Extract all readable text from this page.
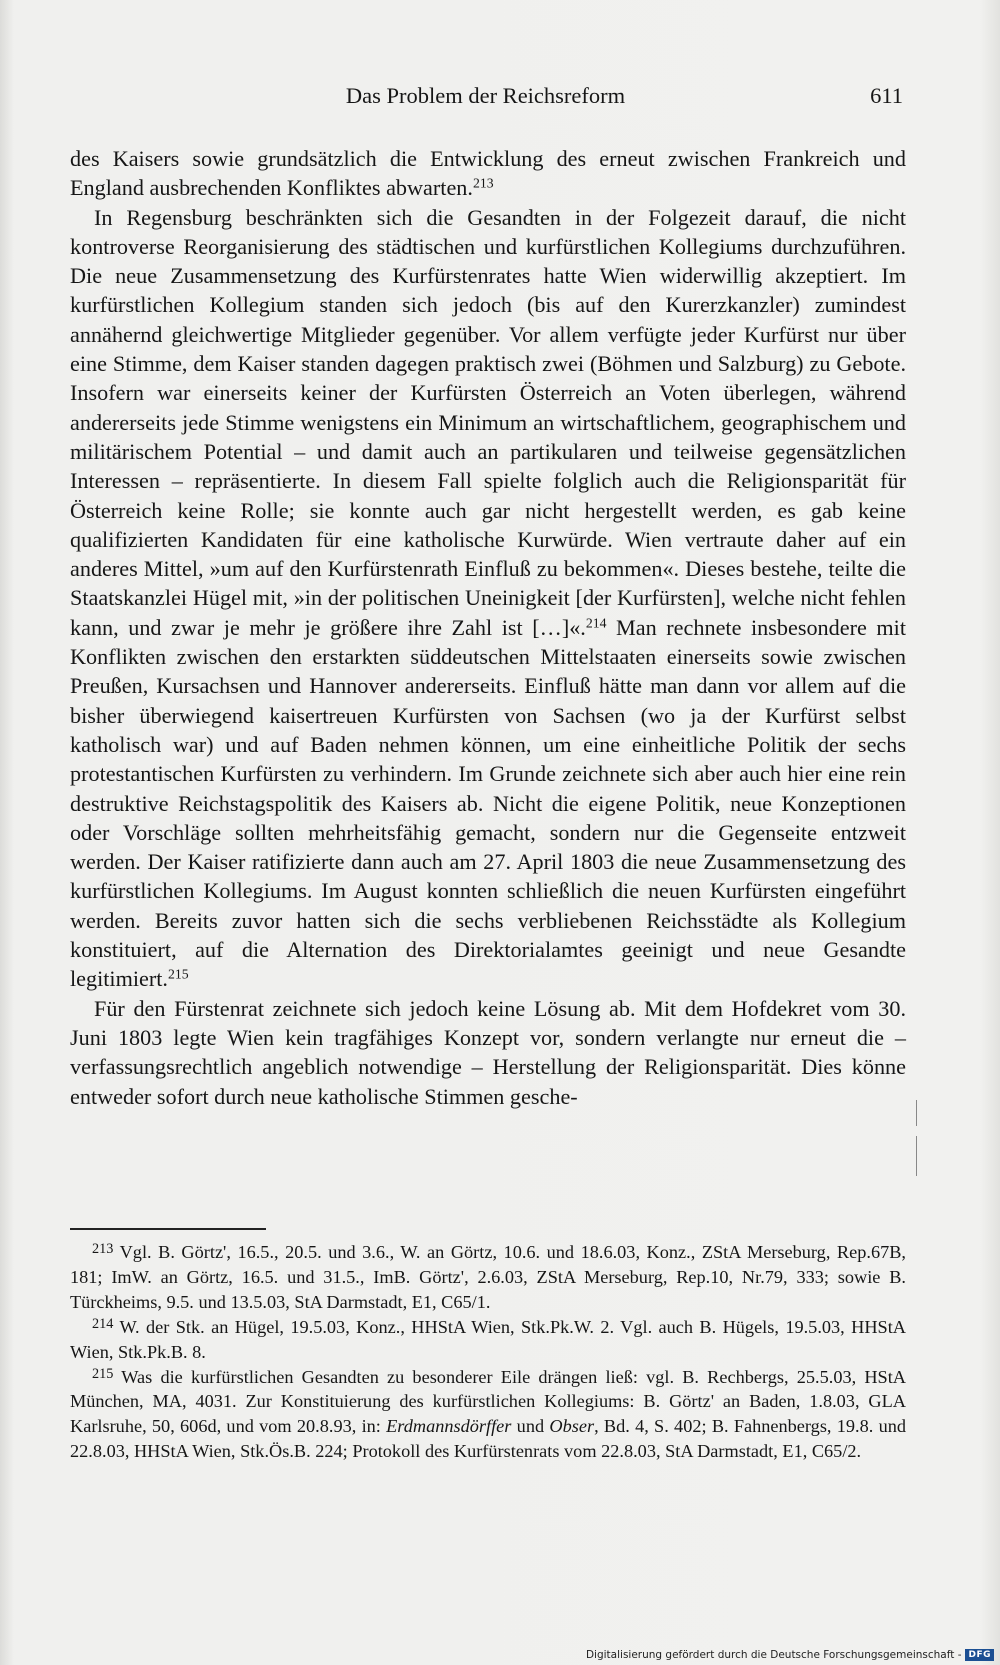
Das Problem der Reichsreform	611

des Kaisers sowie grundsätzlich die Entwicklung des erneut zwischen Frankreich und England ausbrechenden Konfliktes abwarten.$^{213}$

In Regensburg beschränkten sich die Gesandten in der Folgezeit darauf, die nicht kontroverse Reorganisierung des städtischen und kurfürstlichen Kollegiums durchzuführen. Die neue Zusammensetzung des Kurfürstenrates hatte Wien widerwillig akzeptiert. Im kurfürstlichen Kollegium standen sich jedoch (bis auf den Kurerzkanzler) zumindest annähernd gleichwertige Mitglieder gegenüber. Vor allem verfügte jeder Kurfürst nur über eine Stimme, dem Kaiser standen dagegen praktisch zwei (Böhmen und Salzburg) zu Gebote. Insofern war einerseits keiner der Kurfürsten Österreich an Voten überlegen, während andererseits jede Stimme wenigstens ein Minimum an wirtschaftlichem, geographischem und militärischem Potential – und damit auch an partikularen und teilweise gegensätzlichen Interessen – repräsentierte. In diesem Fall spielte folglich auch die Religionsparität für Österreich keine Rolle; sie konnte auch gar nicht hergestellt werden, es gab keine qualifizierten Kandidaten für eine katholische Kurwürde. Wien vertraute daher auf ein anderes Mittel, »um auf den Kurfürstenrath Einfluß zu bekommen«. Dieses bestehe, teilte die Staatskanzlei Hügel mit, »in der politischen Uneinigkeit [der Kurfürsten], welche nicht fehlen kann, und zwar je mehr je größere ihre Zahl ist […]«.$^{214}$ Man rechnete insbesondere mit Konflikten zwischen den erstarkten süddeutschen Mittelstaaten einerseits sowie zwischen Preußen, Kursachsen und Hannover andererseits. Einfluß hätte man dann vor allem auf die bisher überwiegend kaisertreuen Kurfürsten von Sachsen (wo ja der Kurfürst selbst katholisch war) und auf Baden nehmen können, um eine einheitliche Politik der sechs protestantischen Kurfürsten zu verhindern. Im Grunde zeichnete sich aber auch hier eine rein destruktive Reichstagspolitik des Kaisers ab. Nicht die eigene Politik, neue Konzeptionen oder Vorschläge sollten mehrheitsfähig gemacht, sondern nur die Gegenseite entzweit werden. Der Kaiser ratifizierte dann auch am 27. April 1803 die neue Zusammensetzung des kurfürstlichen Kollegiums. Im August konnten schließlich die neuen Kurfürsten eingeführt werden. Bereits zuvor hatten sich die sechs verbliebenen Reichsstädte als Kollegium konstituiert, auf die Alternation des Direktorialamtes geeinigt und neue Gesandte legitimiert.$^{215}$

Für den Fürstenrat zeichnete sich jedoch keine Lösung ab. Mit dem Hofdekret vom 30. Juni 1803 legte Wien kein tragfähiges Konzept vor, sondern verlangte nur erneut die – verfassungsrechtlich angeblich notwendige – Herstellung der Religionsparität. Dies könne entweder sofort durch neue katholische Stimmen gesche-

$^{213}$ Vgl. B. Görtz', 16.5., 20.5. und 3.6., W. an Görtz, 10.6. und 18.6.03, Konz., ZStA Merseburg, Rep.67B, 181; ImW. an Görtz, 16.5. und 31.5., ImB. Görtz', 2.6.03, ZStA Merseburg, Rep.10, Nr.79, 333; sowie B. Türckheims, 9.5. und 13.5.03, StA Darmstadt, E1, C65/1.

$^{214}$ W. der Stk. an Hügel, 19.5.03, Konz., HHStA Wien, Stk.Pk.W. 2. Vgl. auch B. Hügels, 19.5.03, HHStA Wien, Stk.Pk.B. 8.

$^{215}$ Was die kurfürstlichen Gesandten zu besonderer Eile drängen ließ: vgl. B. Rechbergs, 25.5.03, HStA München, MA, 4031. Zur Konstituierung des kurfürstlichen Kollegiums: B. Görtz' an Baden, 1.8.03, GLA Karlsruhe, 50, 606d, und vom 20.8.93, in: Erdmannsdörffer und Obser, Bd. 4, S. 402; B. Fahnenbergs, 19.8. und 22.8.03, HHStA Wien, Stk.Ös.B. 224; Protokoll des Kurfürstenrats vom 22.8.03, StA Darmstadt, E1, C65/2.

Digitalisierung gefördert durch die Deutsche Forschungsgemeinschaft - DFG
